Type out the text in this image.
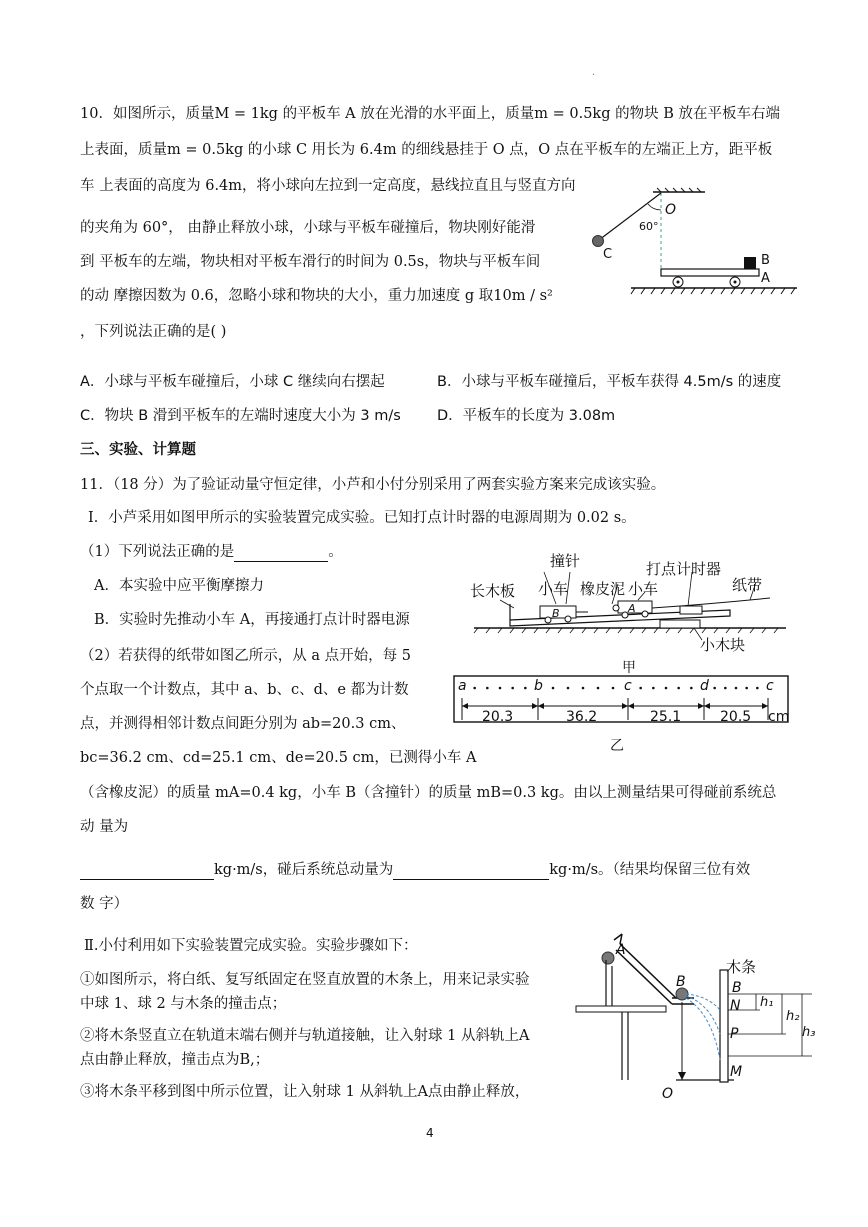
·
10．如图所示，质量M = 1kg 的平板车 A 放在光滑的水平面上，质量m = 0.5kg 的物块 B 放在平板车右端
上表面，质量m = 0.5kg 的小球 C 用长为 6.4m 的细线悬挂于 O 点，O 点在平板车的左端正上方，距平板
车 上表面的高度为 6.4m，将小球向左拉到一定高度，悬线拉直且与竖直方向
的夹角为 60°， 由静止释放小球，小球与平板车碰撞后，物块刚好能滑
到 平板车的左端，物块相对平板车滑行的时间为 0.5s，物块与平板车间
的动 摩擦因数为 0.6，忽略小球和物块的大小，重力加速度 g 取10m / s²
，下列说法正确的是( )
O
60°
C	B
A
A．小球与平板车碰撞后，小球 C 继续向右摆起	B．小球与平板车碰撞后，平板车获得 4.5m/s 的速度
C．物块 B 滑到平板车的左端时速度大小为 3 m/s D．平板车的长度为 3.08m
三、实验、计算题
11．（18 分）为了验证动量守恒定律，小芦和小付分别采用了两套实验方案来完成该实验。
Ⅰ．小芦采用如图甲所示的实验装置完成实验。已知打点计时器的电源周期为 0.02 s。
（1）下列说法正确的是	。
A．本实验中应平衡摩擦力
B．实验时先推动小车 A，再接通打点计时器电源
（2）若获得的纸带如图乙所示，从 a 点开始，每 5
个点取一个计数点，其中 a、b、c、d、e 都为计数
点，并测得相邻计数点间距分别为 ab=20.3 cm、
bc=36.2 cm、cd=25.1 cm、de=20.5 cm，已测得小车 A
（含橡皮泥）的质量 mA=0.4 kg，小车 B（含撞针）的质量 mB=0.3 kg。由以上测量结果可得碰前系统总
动 量为
kg·m/s，碰后系统总动量为	kg·m/s。（结果均保留三位有效
数 字）
B	A
撞针	打点计时器
长木板 小车 橡皮泥 小车	纸带
小木块
甲
a	b	c	d	c
20.3	36.2	25.1	20.5 cm
乙
Ⅱ.小付利用如下实验装置完成实验。实验步骤如下：
①如图所示，将白纸、复写纸固定在竖直放置的木条上，用来记录实验
中球 1、球 2 与木条的撞击点；
②将木条竖直立在轨道末端右侧并与轨道接触，让入射球 1 从斜轨上A
点由静止释放，撞击点为B,；
③将木条平移到图中所示位置，让入射球 1 从斜轨上A点由静止释放，
A
B
O
木条
B
N
P
M
h₁
h₂
h₃
4
